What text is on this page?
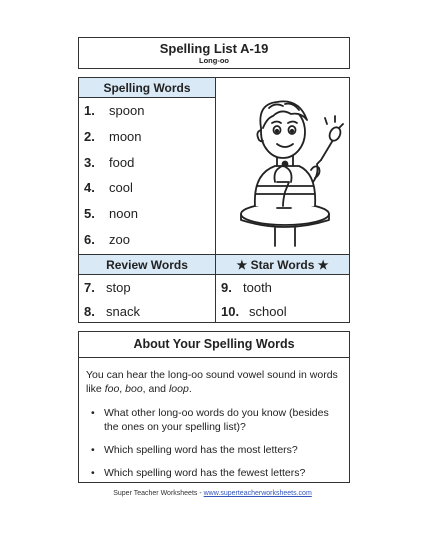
Spelling List A-19
Long-oo
Spelling Words
1.	spoon
2.	moon
3.	food
4.	cool
5.	noon
6.	zoo
Review Words
7. stop
8. snack
★ Star Words ★
9. tooth
10. school
About Your Spelling Words

You can hear the long-oo sound vowel sound in words like foo, boo, and loop.

• What other long-oo words do you know (besides the ones on your spelling list)?
• Which spelling word has the most letters?
• Which spelling word has the fewest letters?
Super Teacher Worksheets - www.superteacherworksheets.com
